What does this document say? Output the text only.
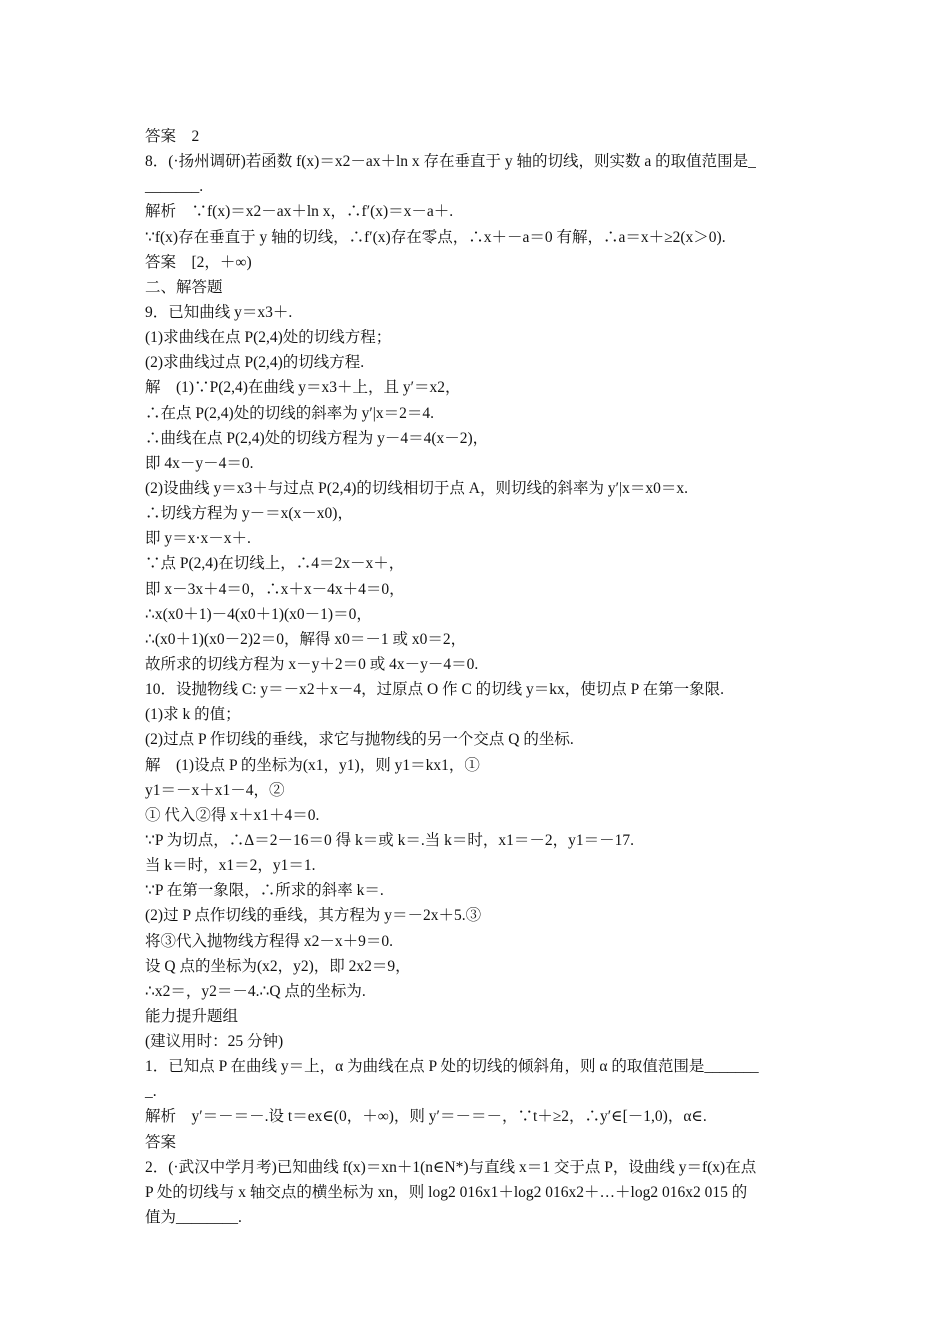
答案　2
8．(·扬州调研)若函数 f(x)＝x2－ax＋ln x 存在垂直于 y 轴的切线，则实数 a 的取值范围是_
_______.
解析　∵f(x)＝x2－ax＋ln x，∴f′(x)＝x－a＋.
∵f(x)存在垂直于 y 轴的切线，∴f′(x)存在零点，∴x＋－a＝0 有解，∴a＝x＋≥2(x＞0).
答案　[2，＋∞)
二、解答题
9．已知曲线 y＝x3＋.
(1)求曲线在点 P(2,4)处的切线方程；
(2)求曲线过点 P(2,4)的切线方程.
解　(1)∵P(2,4)在曲线 y＝x3＋上，且 y′＝x2，
∴在点 P(2,4)处的切线的斜率为 y′|x＝2＝4.
∴曲线在点 P(2,4)处的切线方程为 y－4＝4(x－2)，
即 4x－y－4＝0.
(2)设曲线 y＝x3＋与过点 P(2,4)的切线相切于点 A，则切线的斜率为 y′|x＝x0＝x.
∴切线方程为 y－＝x(x－x0)，
即 y＝x·x－x＋.
∵点 P(2,4)在切线上，∴4＝2x－x＋，
即 x－3x＋4＝0，∴x＋x－4x＋4＝0，
∴x(x0＋1)－4(x0＋1)(x0－1)＝0，
∴(x0＋1)(x0－2)2＝0，解得 x0＝－1 或 x0＝2，
故所求的切线方程为 x－y＋2＝0 或 4x－y－4＝0.
10．设抛物线 C: y＝－x2＋x－4，过原点 O 作 C 的切线 y＝kx，使切点 P 在第一象限.
(1)求 k 的值；
(2)过点 P 作切线的垂线，求它与抛物线的另一个交点 Q 的坐标.
解　(1)设点 P 的坐标为(x1，y1)，则 y1＝kx1，①
y1＝－x＋x1－4，②
① 代入②得 x＋x1＋4＝0.
∵P 为切点，∴Δ＝2－16＝0 得 k＝或 k＝.当 k＝时，x1＝－2，y1＝－17.
当 k＝时，x1＝2，y1＝1.
∵P 在第一象限，∴所求的斜率 k＝.
(2)过 P 点作切线的垂线，其方程为 y＝－2x＋5.③
将③代入抛物线方程得 x2－x＋9＝0.
设 Q 点的坐标为(x2，y2)，即 2x2＝9，
∴x2＝，y2＝－4.∴Q 点的坐标为.
能力提升题组
(建议用时：25 分钟)
1．已知点 P 在曲线 y＝上，α 为曲线在点 P 处的切线的倾斜角，则 α 的取值范围是_______
_.
解析　y′＝－＝－.设 t＝ex∈(0，＋∞)，则 y′＝－＝－，∵t＋≥2，∴y′∈[－1,0)，α∈.
答案
2．(·武汉中学月考)已知曲线 f(x)＝xn＋1(n∈N*)与直线 x＝1 交于点 P，设曲线 y＝f(x)在点
P 处的切线与 x 轴交点的横坐标为 xn，则 log2 016x1＋log2 016x2＋…＋log2 016x2 015 的
值为________.
